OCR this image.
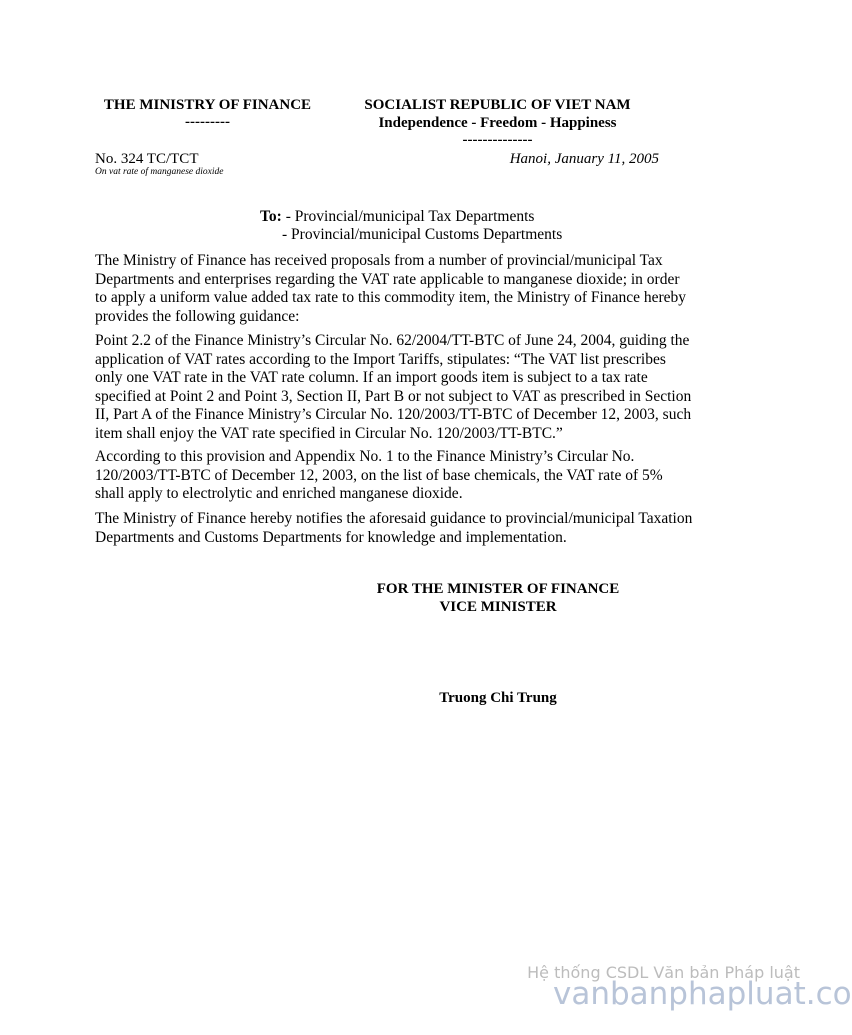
THE MINISTRY OF FINANCE
---------
SOCIALIST REPUBLIC OF VIET NAM
Independence - Freedom - Happiness
--------------
No. 324 TC/TCT
On vat rate of manganese dioxide
Hanoi, January 11, 2005
To: - Provincial/municipal Tax Departments
- Provincial/municipal Customs Departments
The Ministry of Finance has received proposals from a number of provincial/municipal Tax
Departments and enterprises regarding the VAT rate applicable to manganese dioxide; in order
to apply a uniform value added tax rate to this commodity item, the Ministry of Finance hereby
provides the following guidance:
Point 2.2 of the Finance Ministry’s Circular No. 62/2004/TT-BTC of June 24, 2004, guiding the
application of VAT rates according to the Import Tariffs, stipulates: “The VAT list prescribes
only one VAT rate in the VAT rate column. If an import goods item is subject to a tax rate
specified at Point 2 and Point 3, Section II, Part B or not subject to VAT as prescribed in Section
II, Part A of the Finance Ministry’s Circular No. 120/2003/TT-BTC of December 12, 2003, such
item shall enjoy the VAT rate specified in Circular No. 120/2003/TT-BTC.”
According to this provision and Appendix No. 1 to the Finance Ministry’s Circular No.
120/2003/TT-BTC of December 12, 2003, on the list of base chemicals, the VAT rate of 5%
shall apply to electrolytic and enriched manganese dioxide.
The Ministry of Finance hereby notifies the aforesaid guidance to provincial/municipal Taxation
Departments and Customs Departments for knowledge and implementation.
FOR THE MINISTER OF FINANCE
VICE MINISTER
Truong Chi Trung
Hệ thống CSDL Văn bản Pháp luật
vanbanphapluat.co
